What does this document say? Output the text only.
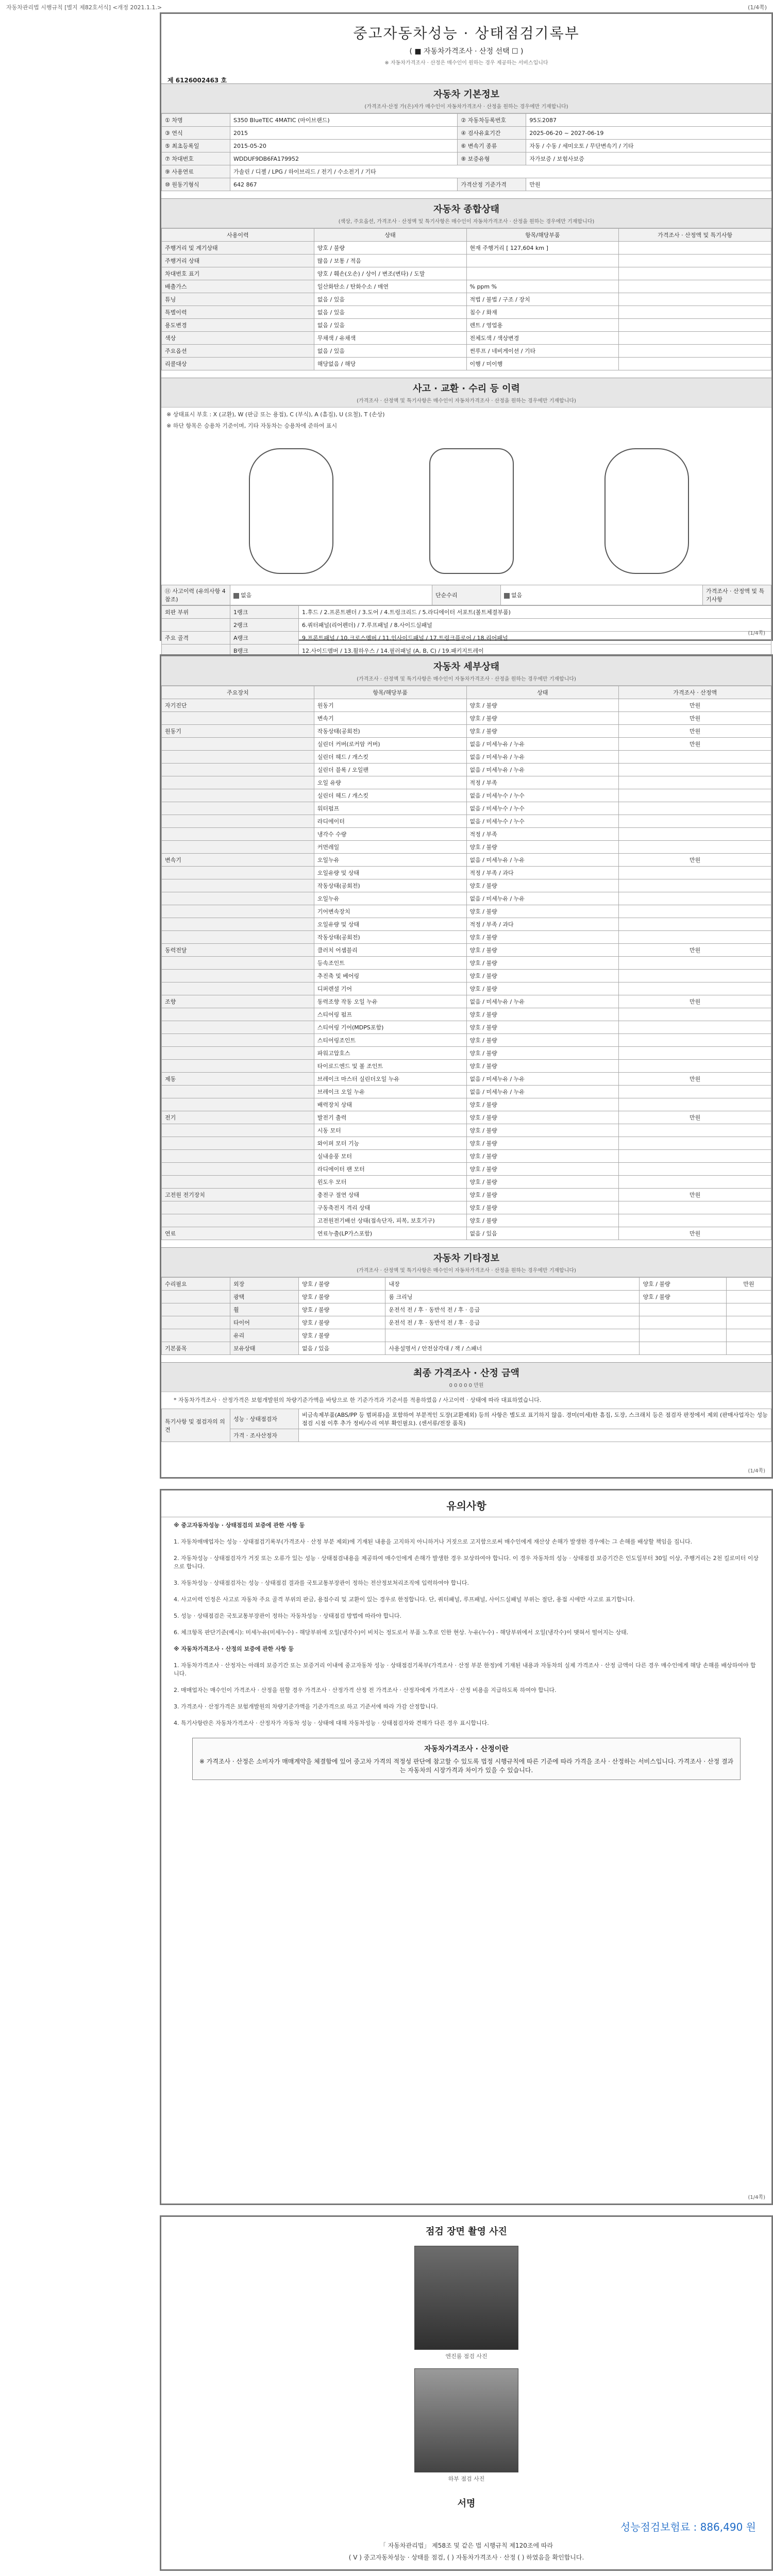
자동차관리법 시행규칙 [별지 제82호서식] <개정 2021.1.1.>	(1/4쪽)
중고자동차성능 · 상태점검기록부
( ■ 자동차가격조사 · 산정 선택 ☐ )
※ 자동차가격조사 · 산정은 매수인이 원하는 경우 제공하는 서비스입니다
제 6126002463 호
자동차 기본정보
(가격조사·산정 가(은)자가 매수인이 자동차가격조사 · 산정을 원하는 경우에만 기재합니다)
① 차명	S350 BlueTEC 4MATIC (마이브랜드)	② 자동차등록번호	95도2087
③ 연식	2015	④ 검사유효기간	2025-06-20 ~ 2027-06-19
⑤ 최초등록일	2015-05-20	⑥ 변속기 종류	자동 / 수동 / 세미오토 / 무단변속기 / 기타
⑦ 차대번호	WDDUF9DB6FA179952	⑧ 보증유형	자가보증 / 보험사보증
⑨ 사용연료	가솔린 / 디젤 / LPG / 하이브리드 / 전기 / 수소전기 / 기타		
⑩ 원동기형식	642 867	가격산정 기준가격	만원
자동차 종합상태
(색상, 주요옵션, 가격조사 · 산정액 및 특기사항은 매수인이 자동차가격조사 · 산정을 원하는 경우에만 기재합니다)
사용이력	상태	항목/해당부품	가격조사 · 산정액 및 특기사항
주행거리 및 계기상태	양호 / 불량	현재 주행거리 [ 127,604 km ]	
주행거리 상태	많음 / 보통 / 적음		
차대번호 표기	양호 / 훼손(오손) / 상이 / 변조(변타) / 도말		
배출가스	일산화탄소 / 탄화수소 / 매연	% ppm %	
튜닝	없음 / 있음	적법 / 불법 / 구조 / 장치	
특별이력	없음 / 있음	침수 / 화재	
용도변경	없음 / 있음	렌트 / 영업용	
색상	무채색 / 유채색	전체도색 / 색상변경	
주요옵션	없음 / 있음	썬루프 / 네비게이션 / 기타	
리콜대상	해당없음 / 해당	이행 / 미이행	
사고 · 교환 · 수리 등 이력
(가격조사 · 산정액 및 특기사항은 매수인이 자동차가격조사 · 산정을 원하는 경우에만 기재합니다)
※ 상태표시 부호 : X (교환), W (판금 또는 용접), C (부식), A (흠집), U (요철), T (손상)
※ 하단 항목은 승용차 기준이며, 기타 자동차는 승용차에 준하여 표시
⑪ 사고이력 (유의사항 4 참조)	없음	단순수리	없음	가격조사 · 산정액 및 특기사항
외판 부위	1랭크	1.후드 / 2.프론트펜더 / 3.도어 / 4.트렁크리드 / 5.라디에이터 서포트(볼트체결부품)
	2랭크	6.쿼터패널(리어펜더) / 7.루프패널 / 8.사이드실패널
주요 골격	A랭크	9.프론트패널 / 10.크로스멤버 / 11.인사이드패널 / 17.트렁크플로어 / 18.리어패널
	B랭크	12.사이드멤버 / 13.휠하우스 / 14.필러패널 (A, B, C) / 19.패키지트레이

(1/4쪽)
자동차 세부상태
(가격조사 · 산정액 및 특기사항은 매수인이 자동차가격조사 · 산정을 원하는 경우에만 기재합니다)
주요장치	항목/해당부품	상태	가격조사 · 산정액
자기진단	원동기	양호 / 불량	만원
	변속기	양호 / 불량	만원
원동기	작동상태(공회전)	양호 / 불량	만원
	실린더 커버(로커암 커버)	없음 / 미세누유 / 누유	만원
	실린더 헤드 / 개스킷	없음 / 미세누유 / 누유	
	실린더 블록 / 오일팬	없음 / 미세누유 / 누유	
	오일 유량	적정 / 부족	
	실린더 헤드 / 개스킷	없음 / 미세누수 / 누수	
	워터펌프	없음 / 미세누수 / 누수	
	라디에이터	없음 / 미세누수 / 누수	
	냉각수 수량	적정 / 부족	
	커먼레일	양호 / 불량	
변속기	오일누유	없음 / 미세누유 / 누유	만원
	오일유량 및 상태	적정 / 부족 / 과다	
	작동상태(공회전)	양호 / 불량	
	오일누유	없음 / 미세누유 / 누유	
	기어변속장치	양호 / 불량	
	오일유량 및 상태	적정 / 부족 / 과다	
	작동상태(공회전)	양호 / 불량	
동력전달	클러치 어셈블리	양호 / 불량	만원
	등속조인트	양호 / 불량	
	추진축 및 베어링	양호 / 불량	
	디퍼렌셜 기어	양호 / 불량	
조향	동력조향 작동 오일 누유	없음 / 미세누유 / 누유	만원
	스티어링 펌프	양호 / 불량	
	스티어링 기어(MDPS포함)	양호 / 불량	
	스티어링조인트	양호 / 불량	
	파워고압호스	양호 / 불량	
	타이로드엔드 및 볼 조인트	양호 / 불량	
제동	브레이크 마스터 실린더오일 누유	없음 / 미세누유 / 누유	만원
	브레이크 오일 누유	없음 / 미세누유 / 누유	
	배력장치 상태	양호 / 불량	
전기	발전기 출력	양호 / 불량	만원
	시동 모터	양호 / 불량	
	와이퍼 모터 기능	양호 / 불량	
	실내송풍 모터	양호 / 불량	
	라디에이터 팬 모터	양호 / 불량	
	윈도우 모터	양호 / 불량	
고전원 전기장치	충전구 절연 상태	양호 / 불량	만원
	구동축전지 격리 상태	양호 / 불량	
	고전원전기배선 상태(접속단자, 피복, 보호기구)	양호 / 불량	
연료	연료누출(LP가스포함)	없음 / 있음	만원
자동차 기타정보
(가격조사 · 산정액 및 특기사항은 매수인이 자동차가격조사 · 산정을 원하는 경우에만 기재합니다)
수리필요	외장	양호 / 불량	내장	양호 / 불량	만원
	광택	양호 / 불량	룸 크리닝	양호 / 불량	
	휠	양호 / 불량	운전석 전 / 후 · 동반석 전 / 후 · 응급		
	타이어	양호 / 불량	운전석 전 / 후 · 동반석 전 / 후 · 응급		
	유리	양호 / 불량			
기본품목	보유상태	없음 / 있음	사용설명서 / 안전삼각대 / 잭 / 스패너		
최종 가격조사 · 산정 금액
0 0 0 0 0 만원
* 자동차가격조사 · 산정가격은 보험개발원의 차량기준가액을 바탕으로 한 기준가격과 기준서를 적용하였음 / 사고이력 · 상태에 따라 대표하였습니다.
특기사항 및 점검자의 의견	성능 · 상태점검자	비금속제부품(ABS/PP 등 범퍼류)을 포함하여 부분적인 도장(교환제외) 등의 사항은 별도로 표기하지 않음. 경미(미세)한 흠집, 도장, 스크래치 등은 점검자 판정에서 제외 (판매사업자는 성능점검 시점 이후 추가 정비/수리 여부 확인필요). (센서류/전장 품목)
	가격 · 조사산정자	
(1/4쪽)
유의사항
※ 중고자동차성능 · 상태점검의 보증에 관한 사항 등
1. 자동차매매업자는 성능 · 상태점검기록부(가격조사 · 산정 부분 제외)에 기재된 내용을 고지하지 아니하거나 거짓으로 고지함으로써 매수인에게 재산상 손해가 발생한 경우에는 그 손해를 배상할 책임을 집니다.
2. 자동차성능 · 상태점검자가 거짓 또는 오류가 있는 성능 · 상태점검내용을 제공하여 매수인에게 손해가 발생한 경우 보상하여야 합니다. 이 경우 자동차의 성능 · 상태점검 보증기간은 인도일부터 30일 이상, 주행거리는 2천 킬로미터 이상으로 합니다.
3. 자동차성능 · 상태점검자는 성능 · 상태점검 결과를 국토교통부장관이 정하는 전산정보처리조직에 입력하여야 합니다.
4. 사고이력 인정은 사고로 자동차 주요 골격 부위의 판금, 용접수리 및 교환이 있는 경우로 한정합니다. 단, 쿼터패널, 루프패널, 사이드실패널 부위는 절단, 용접 시에만 사고로 표기합니다.
5. 성능 · 상태점검은 국토교통부장관이 정하는 자동차성능 · 상태점검 방법에 따라야 합니다.
6. 체크항목 판단기준(예시): 미세누유(미세누수) - 해당부위에 오일(냉각수)이 비치는 정도로서 부품 노후로 인한 현상. 누유(누수) - 해당부위에서 오일(냉각수)이 맺혀서 떨어지는 상태.
※ 자동차가격조사 · 산정의 보증에 관한 사항 등
1. 자동차가격조사 · 산정자는 아래의 보증기간 또는 보증거리 이내에 중고자동차 성능 · 상태점검기록부(가격조사 · 산정 부분 한정)에 기재된 내용과 자동차의 실제 가격조사 · 산정 금액이 다른 경우 매수인에게 해당 손해를 배상하여야 합니다.
2. 매매업자는 매수인이 가격조사 · 산정을 원할 경우 가격조사 · 산정가격 산정 전 가격조사 · 산정자에게 가격조사 · 산정 비용을 지급하도록 하여야 합니다.
3. 가격조사 · 산정가격은 보험개발원의 차량기준가액을 기준가격으로 하고 기준서에 따라 가감 산정합니다.
4. 특기사항란은 자동차가격조사 · 산정자가 자동차 성능 · 상태에 대해 자동차성능 · 상태점검자와 견해가 다른 경우 표시합니다.
자동차가격조사 · 산정이란
※ 가격조사 · 산정은 소비자가 매매계약을 체결함에 있어 중고차 가격의 적정성 판단에 참고할 수 있도록 법정 시행규칙에 따른 기준에 따라 가격을 조사 · 산정하는 서비스입니다. 가격조사 · 산정 결과는 자동차의 시장가격과 차이가 있을 수 있습니다.
(1/4쪽)
점검 장면 촬영 사진
엔진룸 점검 사진
하부 점검 사진
서명
성능점검보험료 : 886,490 원
「 자동차관리법」 제58조 및 같은 법 시행규칙 제120조에 따라
( V ) 중고자동차성능 · 상태를 점검, ( ) 자동차가격조사 · 산정 ( ) 하였음을 확인합니다.
